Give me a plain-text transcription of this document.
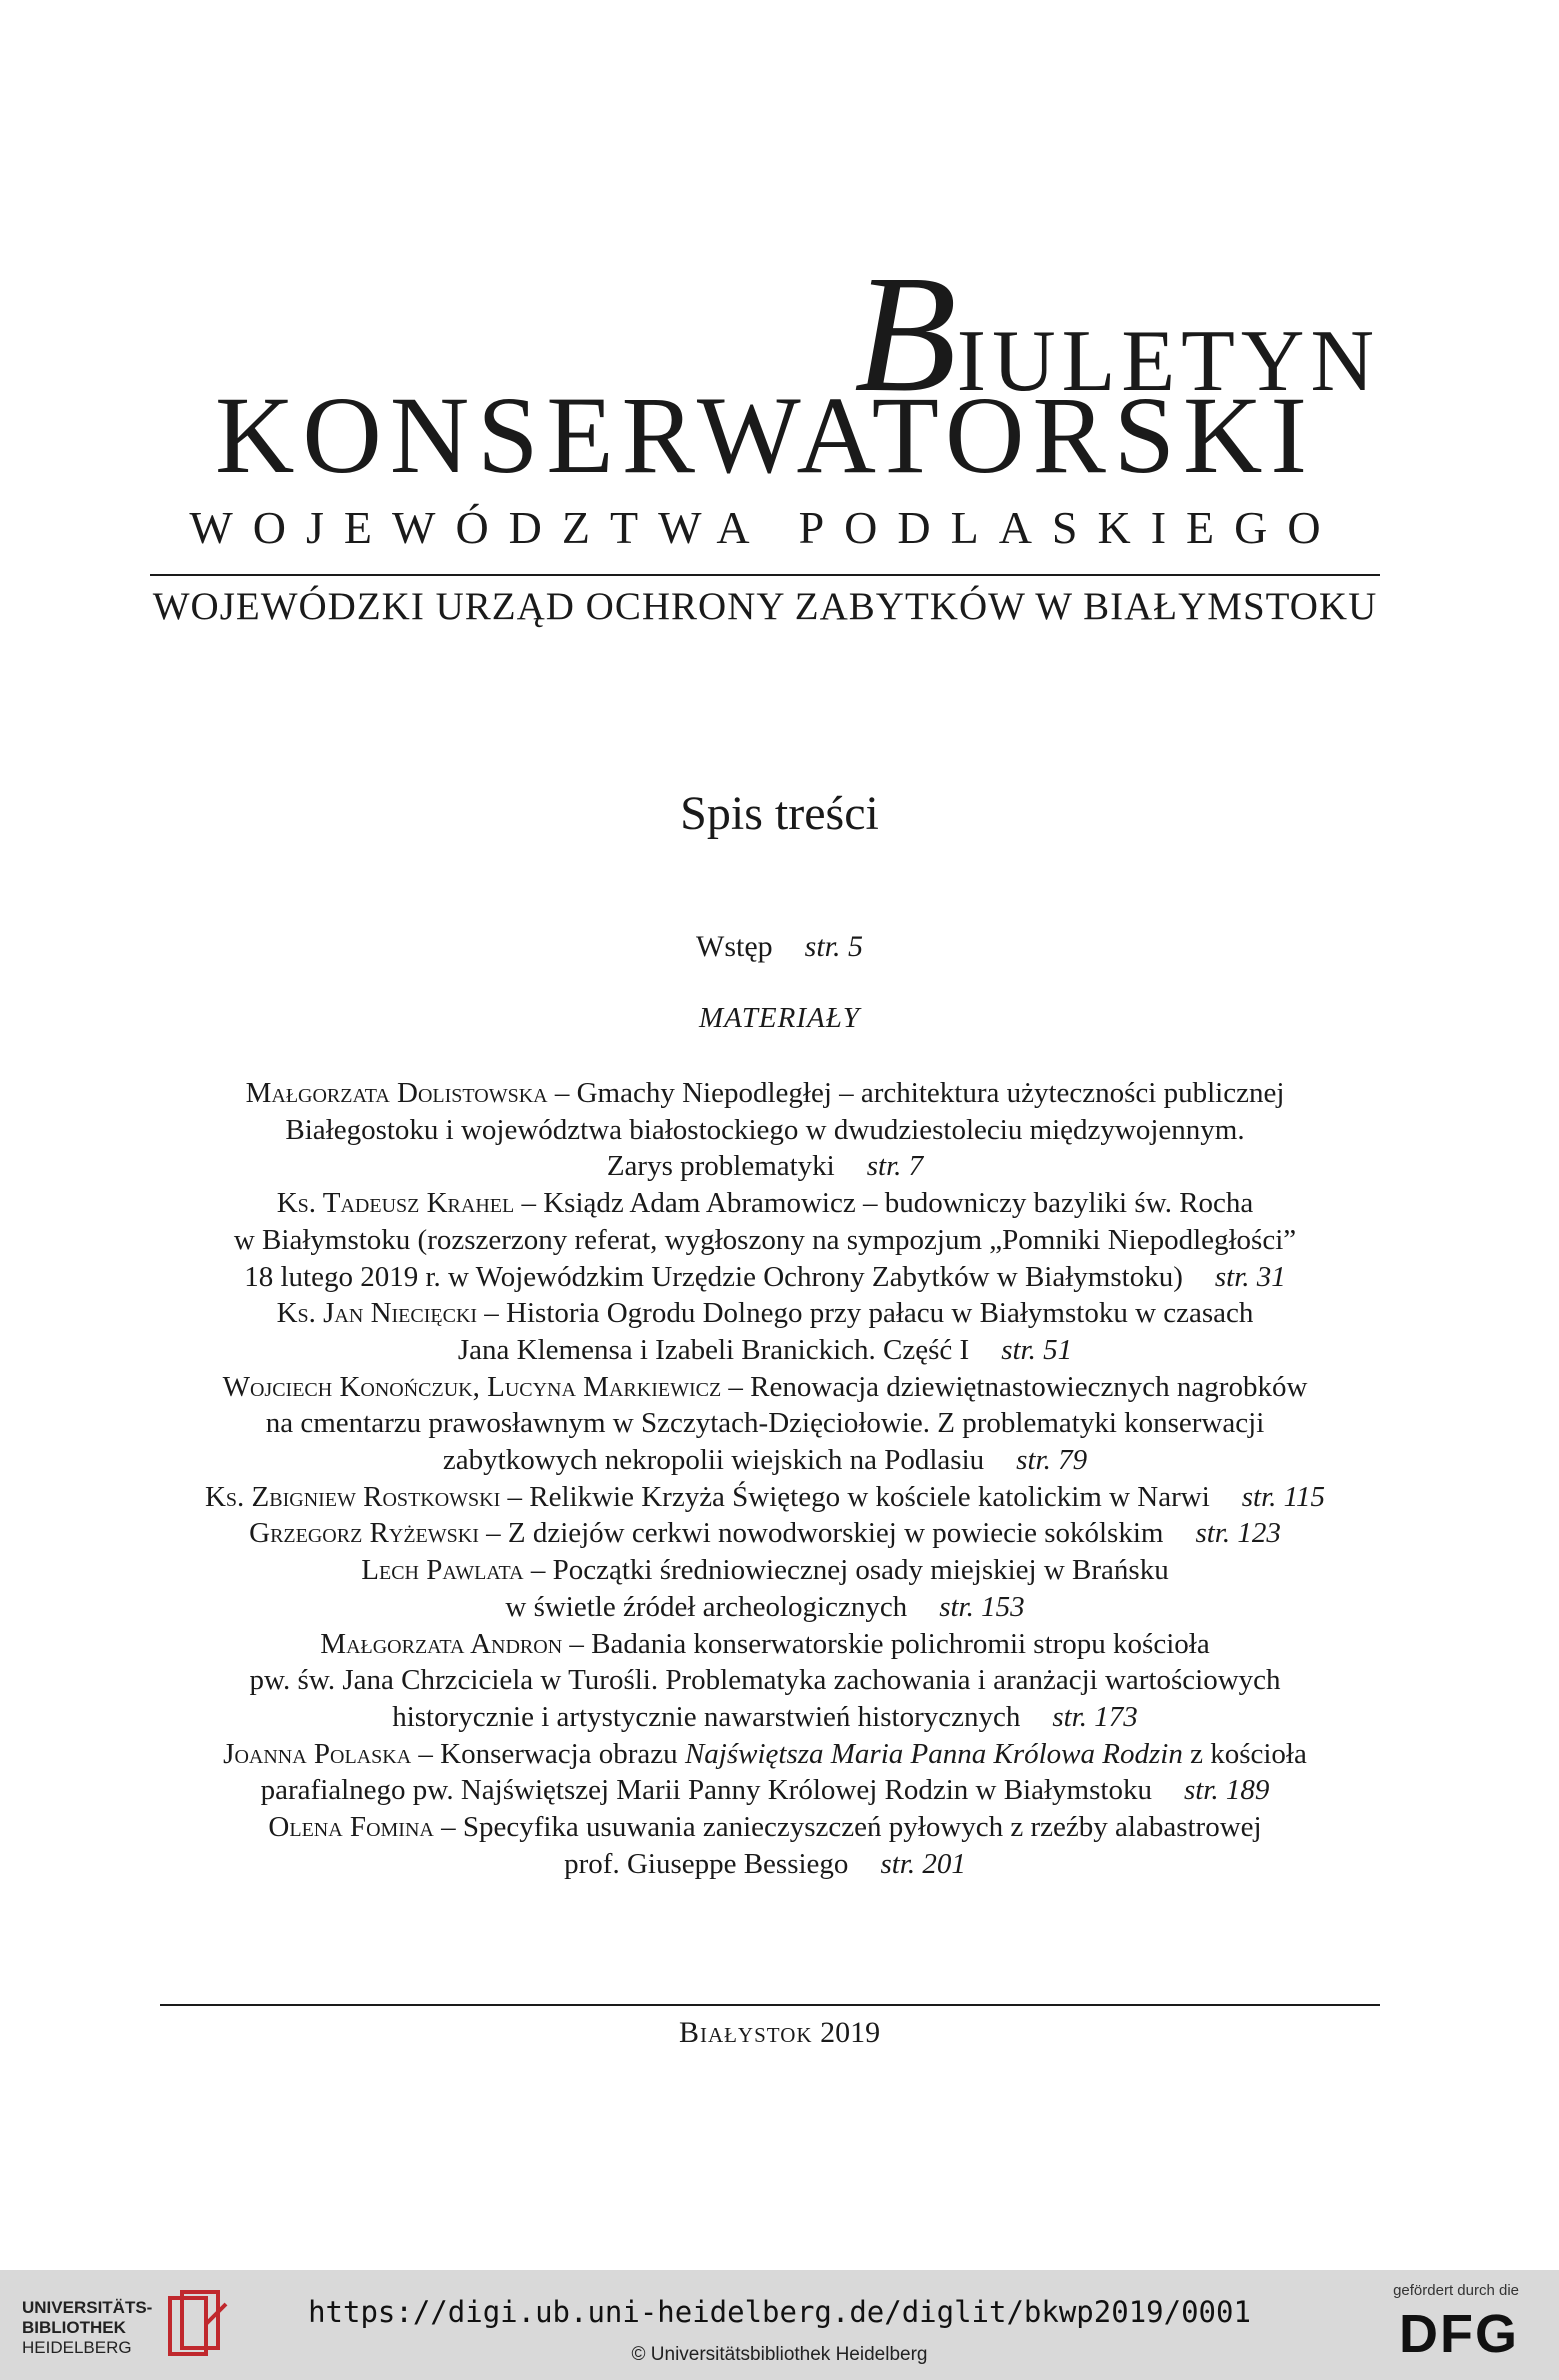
Biuletyn
KONSERWATORSKI
WOJEWÓDZTWA PODLASKIEGO
WOJEWÓDZKI URZĄD OCHRONY ZABYTKÓW W BIAŁYMSTOKU
Spis treści
Wstęp str. 5
MATERIAŁY

Małgorzata Dolistowska – Gmachy Niepodległej – architektura użyteczności publicznej
Białegostoku i województwa białostockiego w dwudziestoleciu międzywojennym.
Zarys problematyki str. 7

Ks. Tadeusz Krahel – Ksiądz Adam Abramowicz – budowniczy bazyliki św. Rocha
w Białymstoku (rozszerzony referat, wygłoszony na sympozjum „Pomniki Niepodległości”
18 lutego 2019 r. w Wojewódzkim Urzędzie Ochrony Zabytków w Białymstoku) str. 31

Ks. Jan Niecięcki – Historia Ogrodu Dolnego przy pałacu w Białymstoku w czasach
Jana Klemensa i Izabeli Branickich. Część I str. 51

Wojciech Konończuk, Lucyna Markiewicz – Renowacja dziewiętnastowiecznych nagrobków
na cmentarzu prawosławnym w Szczytach-Dzięciołowie. Z problematyki konserwacji
zabytkowych nekropolii wiejskich na Podlasiu str. 79

Ks. Zbigniew Rostkowski – Relikwie Krzyża Świętego w kościele katolickim w Narwi str. 115

Grzegorz Ryżewski – Z dziejów cerkwi nowodworskiej w powiecie sokólskim str. 123

Lech Pawlata – Początki średniowiecznej osady miejskiej w Brańsku
w świetle źródeł archeologicznych str. 153

Małgorzata Andron – Badania konserwatorskie polichromii stropu kościoła
pw. św. Jana Chrzciciela w Turośli. Problematyka zachowania i aranżacji wartościowych
historycznie i artystycznie nawarstwień historycznych str. 173

Joanna Polaska – Konserwacja obrazu Najświętsza Maria Panna Królowa Rodzin z kościoła
parafialnego pw. Najświętszej Marii Panny Królowej Rodzin w Białymstoku str. 189

Olena Fomina – Specyfika usuwania zanieczyszczeń pyłowych z rzeźby alabastrowej
prof. Giuseppe Bessiego str. 201

Białystok 2019
UNIVERSITÄTS-
BIBLIOTHEK
HEIDELBERG
https://digi.ub.uni-heidelberg.de/diglit/bkwp2019/0001
© Universitätsbibliothek Heidelberg
gefördert durch die
DFG
